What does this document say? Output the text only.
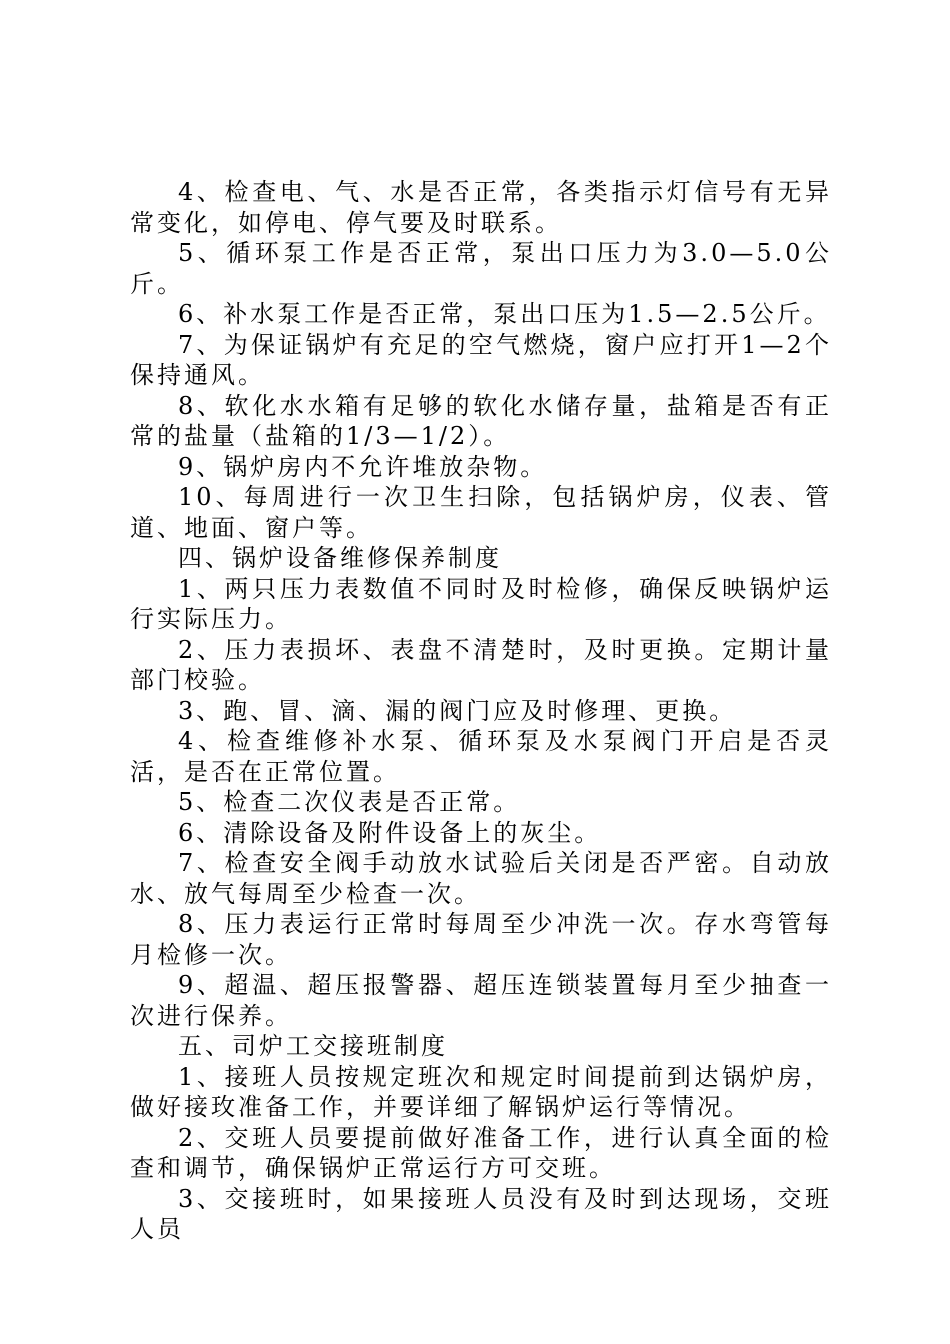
4、检查电、气、水是否正常，各类指示灯信号有无异常变化，如停电、停气要及时联系。

5、循环泵工作是否正常，泵出口压力为3.0—5.0公斤。

6、补水泵工作是否正常，泵出口压为1.5—2.5公斤。

7、为保证锅炉有充足的空气燃烧，窗户应打开1—2个保持通风。

8、软化水水箱有足够的软化水储存量，盐箱是否有正常的盐量（盐箱的1/3—1/2）。

9、锅炉房内不允许堆放杂物。

10、每周进行一次卫生扫除，包括锅炉房，仪表、管道、地面、窗户等。

四、锅炉设备维修保养制度

1、两只压力表数值不同时及时检修，确保反映锅炉运行实际压力。

2、压力表损坏、表盘不清楚时，及时更换。定期计量部门校验。

3、跑、冒、滴、漏的阀门应及时修理、更换。

4、检查维修补水泵、循环泵及水泵阀门开启是否灵活，是否在正常位置。

5、检查二次仪表是否正常。

6、清除设备及附件设备上的灰尘。

7、检查安全阀手动放水试验后关闭是否严密。自动放水、放气每周至少检查一次。

8、压力表运行正常时每周至少冲洗一次。存水弯管每月检修一次。

9、超温、超压报警器、超压连锁装置每月至少抽查一次进行保养。

五、司炉工交接班制度

1、接班人员按规定班次和规定时间提前到达锅炉房，做好接玫准备工作，并要详细了解锅炉运行等情况。

2、交班人员要提前做好准备工作，进行认真全面的检查和调节，确保锅炉正常运行方可交班。

3、交接班时，如果接班人员没有及时到达现场，交班人员
